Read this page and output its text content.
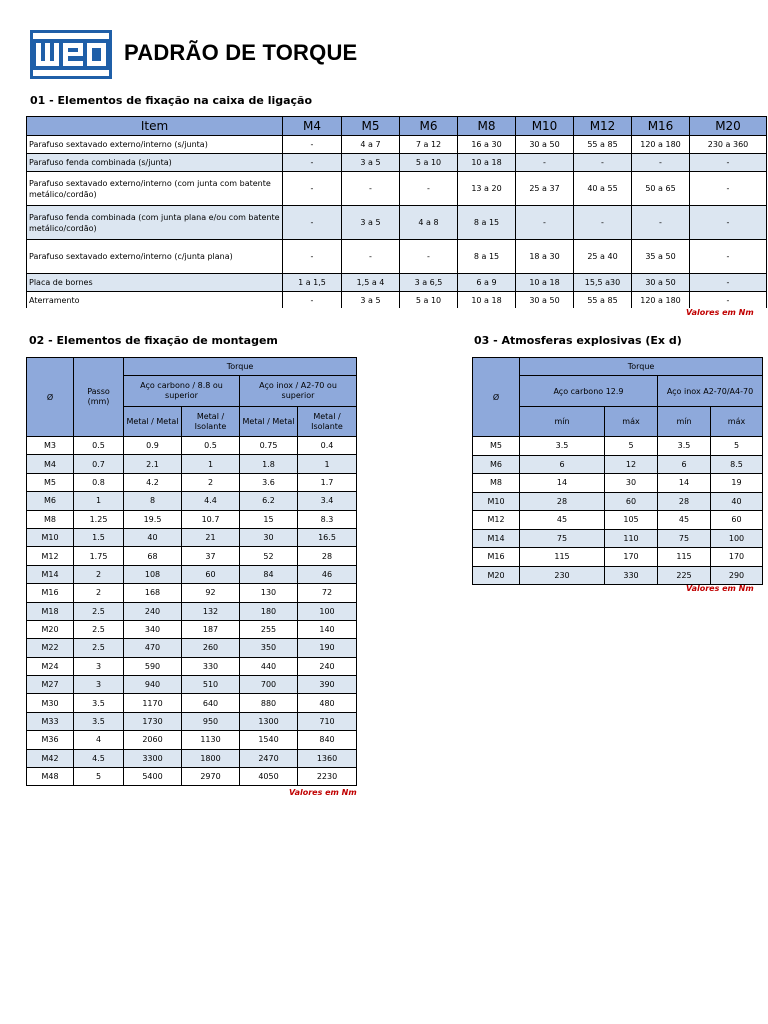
PADRÃO DE TORQUE
01 - Elementos de fixação na caixa de ligação
Item	M4	M5	M6	M8	M10	M12	M16	M20
Parafuso sextavado externo/interno (s/junta)	-	4 a 7	7 a 12	16 a 30	30 a 50	55 a 85	120 a 180	230 a 360
Parafuso fenda combinada (s/junta)	-	3 a 5	5 a 10	10 a 18	-	-	-	-
Parafuso sextavado externo/interno (com junta com batente metálico/cordão)	-	-	-	13 a 20	25 a 37	40 a 55	50 a 65	-
Parafuso fenda combinada (com junta plana e/ou com batente metálico/cordão)	-	3 a 5	4 a 8	8 a 15	-	-	-	-
Parafuso sextavado externo/interno (c/junta plana)	-	-	-	8 a 15	18 a 30	25 a 40	35 a 50	-
Placa de bornes	1 a 1,5	1,5 a 4	3 a 6,5	6 a 9	10 a 18	15,5 a30	30 a 50	-
Aterramento	-	3 a 5	5 a 10	10 a 18	30 a 50	55 a 85	120 a 180	-
Valores em Nm
02 - Elementos de fixação de montagem
Ø	Passo (mm)	Torque			
		Aço carbono / 8.8 ou superior		Aço inox / A2-70 ou superior	
		Metal / Metal	Metal / Isolante	Metal / Metal	Metal / Isolante
M3	0.5	0.9	0.5	0.75	0.4
M4	0.7	2.1	1	1.8	1
M5	0.8	4.2	2	3.6	1.7
M6	1	8	4.4	6.2	3.4
M8	1.25	19.5	10.7	15	8.3
M10	1.5	40	21	30	16.5
M12	1.75	68	37	52	28
M14	2	108	60	84	46
M16	2	168	92	130	72
M18	2.5	240	132	180	100
M20	2.5	340	187	255	140
M22	2.5	470	260	350	190
M24	3	590	330	440	240
M27	3	940	510	700	390
M30	3.5	1170	640	880	480
M33	3.5	1730	950	1300	710
M36	4	2060	1130	1540	840
M42	4.5	3300	1800	2470	1360
M48	5	5400	2970	4050	2230
Valores em Nm
03 - Atmosferas explosivas (Ex d)
Ø	Torque			
	Aço carbono 12.9		Aço inox A2-70/A4-70	
	mín	máx	mín	máx
M5	3.5	5	3.5	5
M6	6	12	6	8.5
M8	14	30	14	19
M10	28	60	28	40
M12	45	105	45	60
M14	75	110	75	100
M16	115	170	115	170
M20	230	330	225	290
Valores em Nm
